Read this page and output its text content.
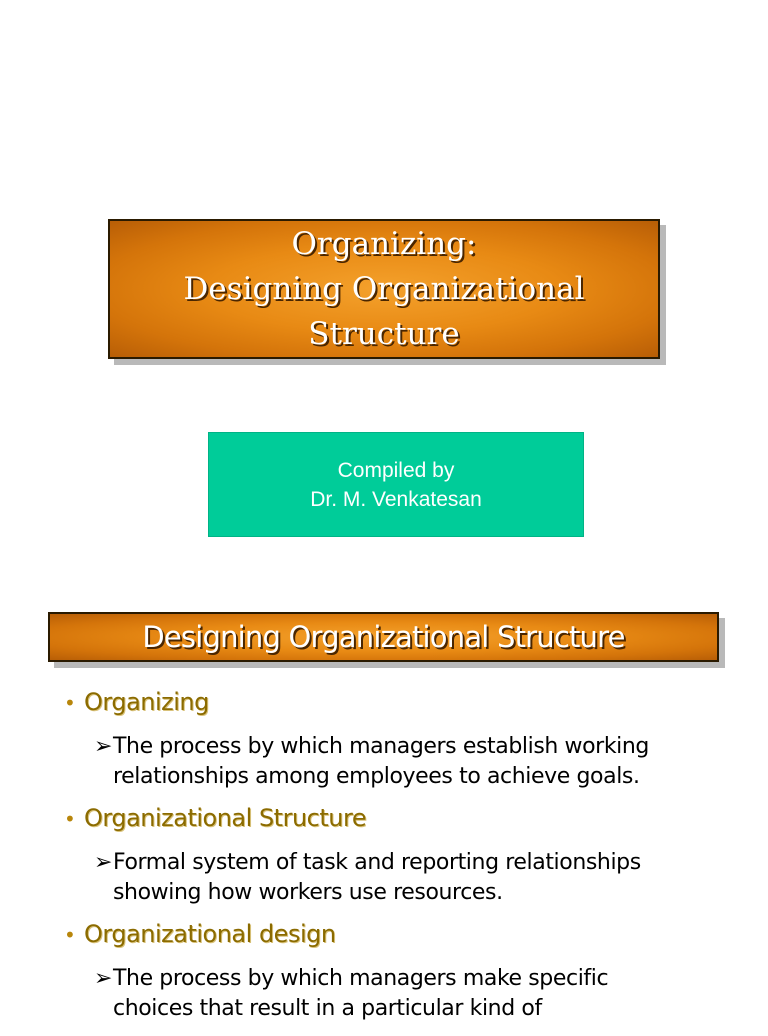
Organizing:
Designing Organizational
Structure
Compiled by
Dr. M. Venkatesan
Designing Organizational Structure
• Organizing
➢The process by which managers establish working
relationships among employees to achieve goals.
• Organizational Structure
➢Formal system of task and reporting relationships
showing how workers use resources.
• Organizational design
➢The process by which managers make specific
choices that result in a particular kind of
